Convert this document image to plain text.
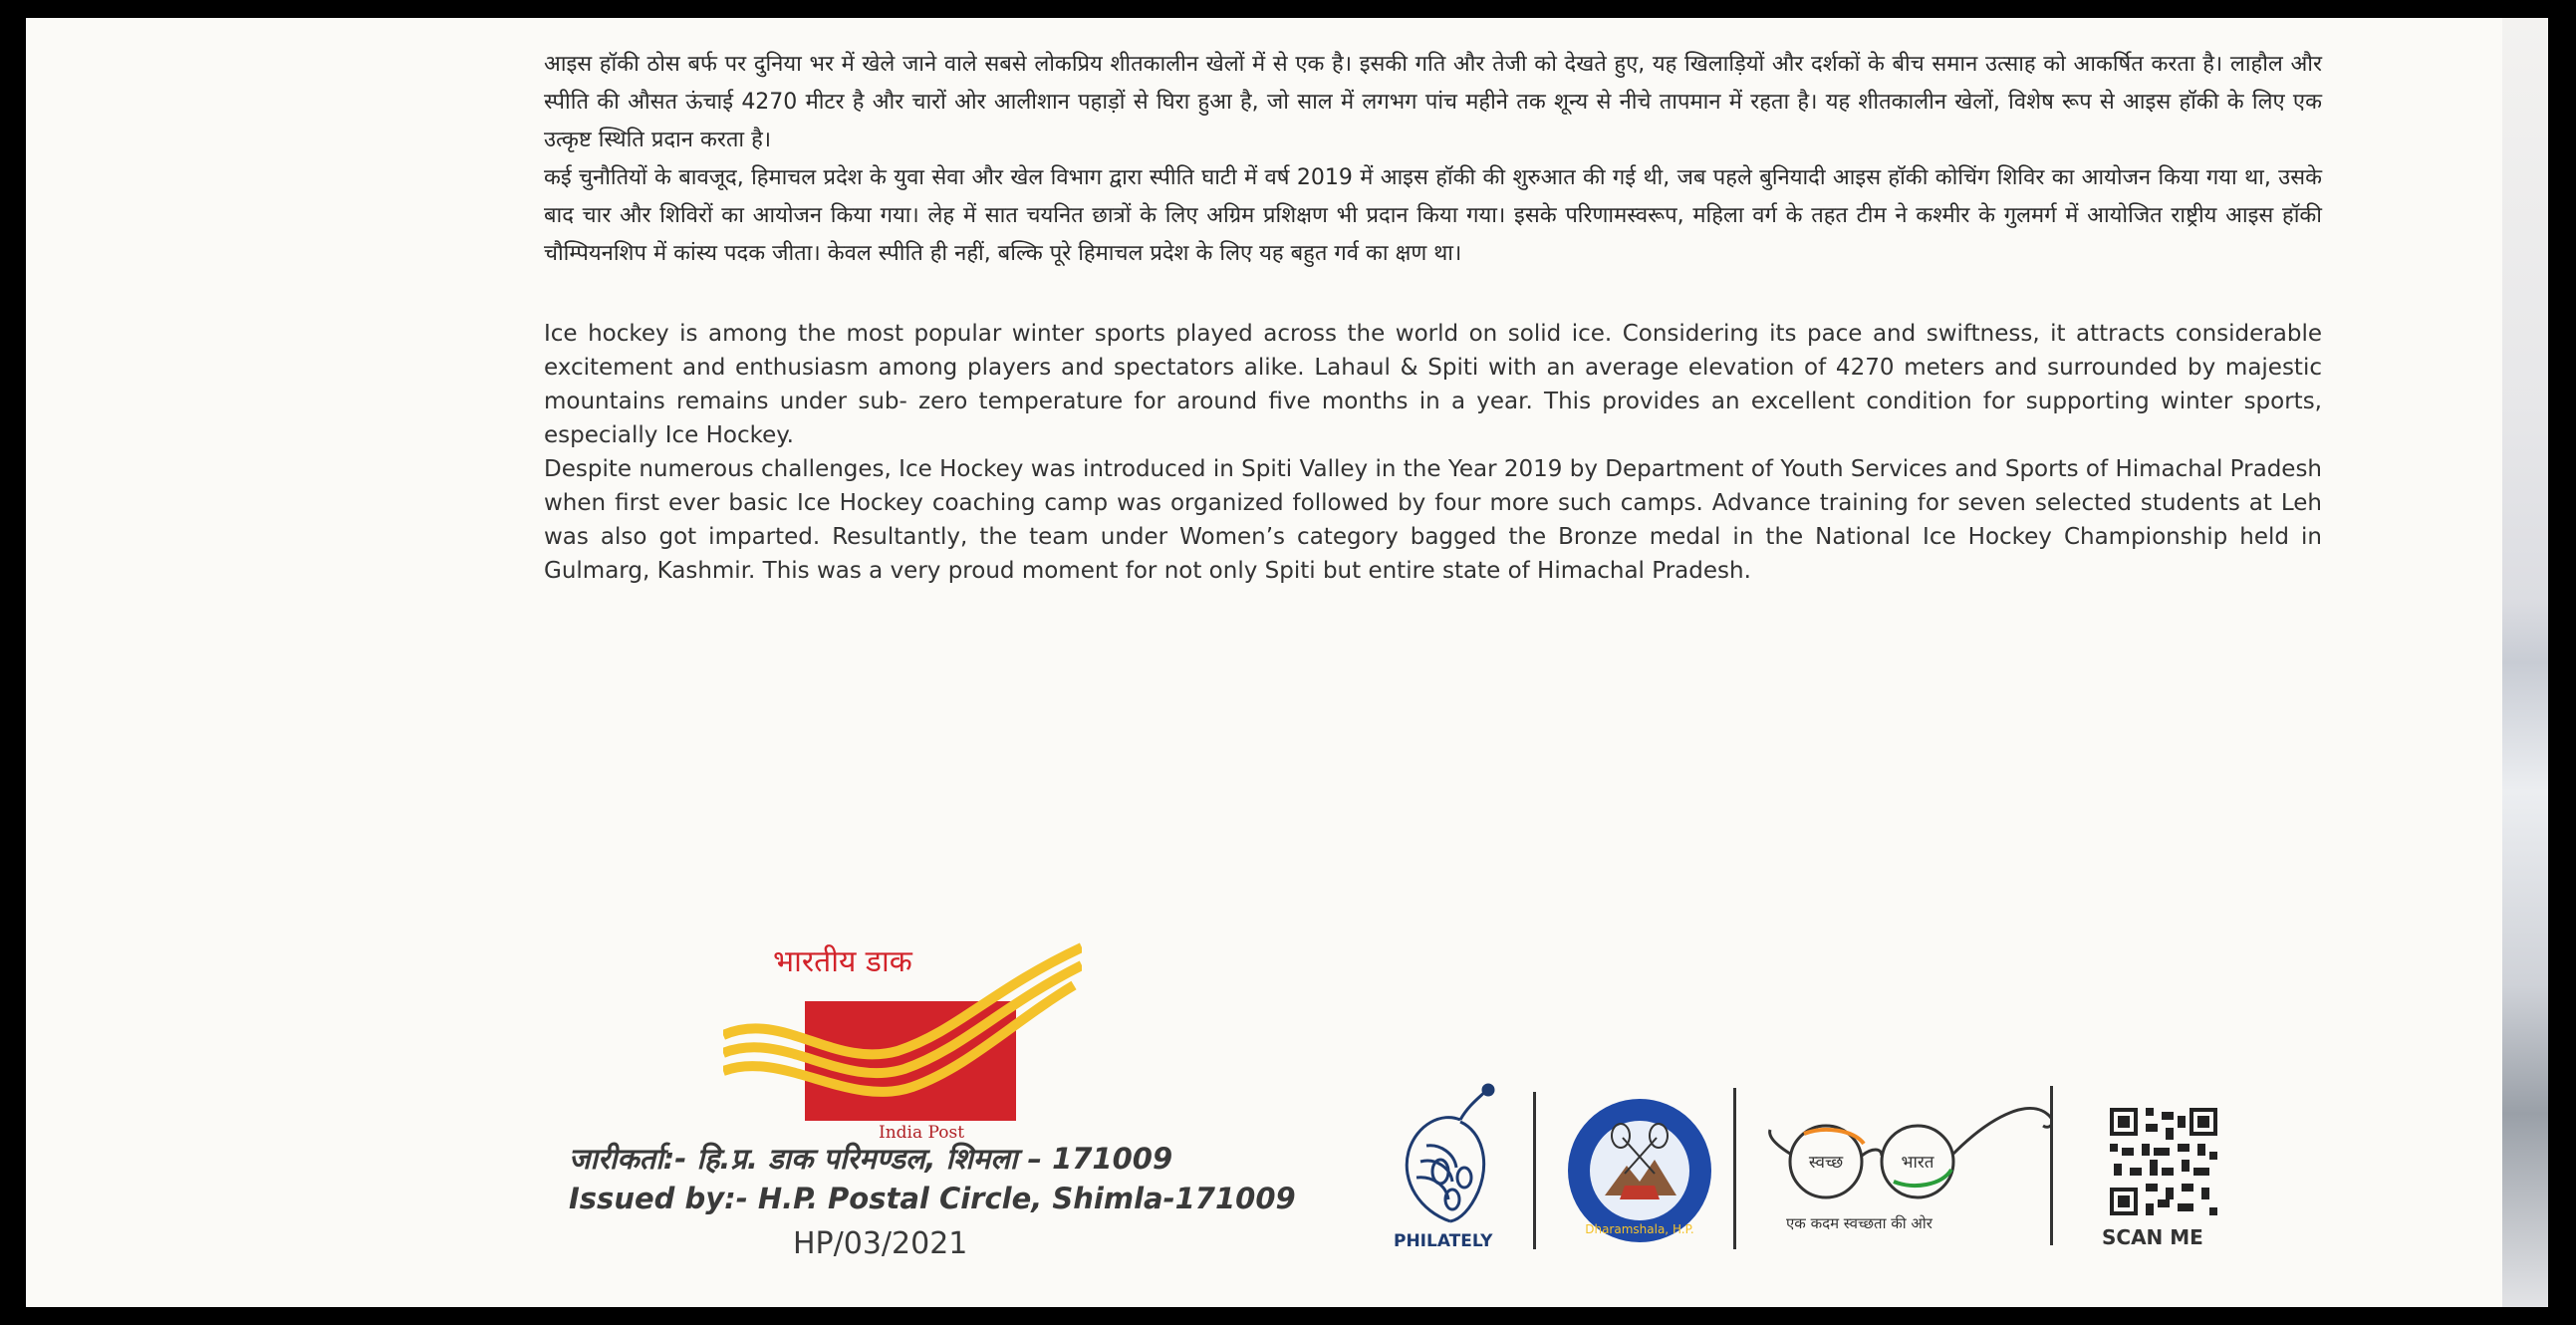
आइस हॉकी ठोस बर्फ पर दुनिया भर में खेले जाने वाले सबसे लोकप्रिय शीतकालीन खेलों में से एक है। इसकी गति और तेजी को देखते हुए, यह खिलाड़ियों और दर्शकों के बीच समान उत्साह को आकर्षित करता है। लाहौल और स्पीति की औसत ऊंचाई 4270 मीटर है और चारों ओर आलीशान पहाड़ों से घिरा हुआ है, जो साल में लगभग पांच महीने तक शून्य से नीचे तापमान में रहता है। यह शीतकालीन खेलों, विशेष रूप से आइस हॉकी के लिए एक उत्कृष्ट स्थिति प्रदान करता है।

कई चुनौतियों के बावजूद, हिमाचल प्रदेश के युवा सेवा और खेल विभाग द्वारा स्पीति घाटी में वर्ष 2019 में आइस हॉकी की शुरुआत की गई थी, जब पहले बुनियादी आइस हॉकी कोचिंग शिविर का आयोजन किया गया था, उसके बाद चार और शिविरों का आयोजन किया गया। लेह में सात चयनित छात्रों के लिए अग्रिम प्रशिक्षण भी प्रदान किया गया। इसके परिणामस्वरूप, महिला वर्ग के तहत टीम ने कश्मीर के गुलमर्ग में आयोजित राष्ट्रीय आइस हॉकी चौम्पियनशिप में कांस्य पदक जीता। केवल स्पीति ही नहीं, बल्कि पूरे हिमाचल प्रदेश के लिए यह बहुत गर्व का क्षण था।

Ice hockey is among the most popular winter sports played across the world on solid ice. Considering its pace and swiftness, it attracts considerable excitement and enthusiasm among players and spectators alike. Lahaul & Spiti with an average elevation of 4270 meters and surrounded by majestic mountains remains under sub- zero temperature for around five months in a year. This provides an excellent condition for supporting winter sports, especially Ice Hockey.

Despite numerous challenges, Ice Hockey was introduced in Spiti Valley in the Year 2019 by Department of Youth Services and Sports of Himachal Pradesh when first ever basic Ice Hockey coaching camp was organized followed by four more such camps. Advance training for seven selected students at Leh was also got imparted. Resultantly, the team under Women’s category bagged the Bronze medal in the National Ice Hockey Championship held in Gulmarg, Kashmir. This was a very proud moment for not only Spiti but entire state of Himachal Pradesh.

भारतीय डाक
India Post
जारीकर्ता:- हि.प्र. डाक परिमण्डल, शिमला – 171009
Issued by:- H.P. Postal Circle, Shimla-171009
HP/03/2021	PHILATELY
Dharamshala, H.P.
स्वच्छ	भारत
एक कदम स्वच्छता की ओर
SCAN ME
